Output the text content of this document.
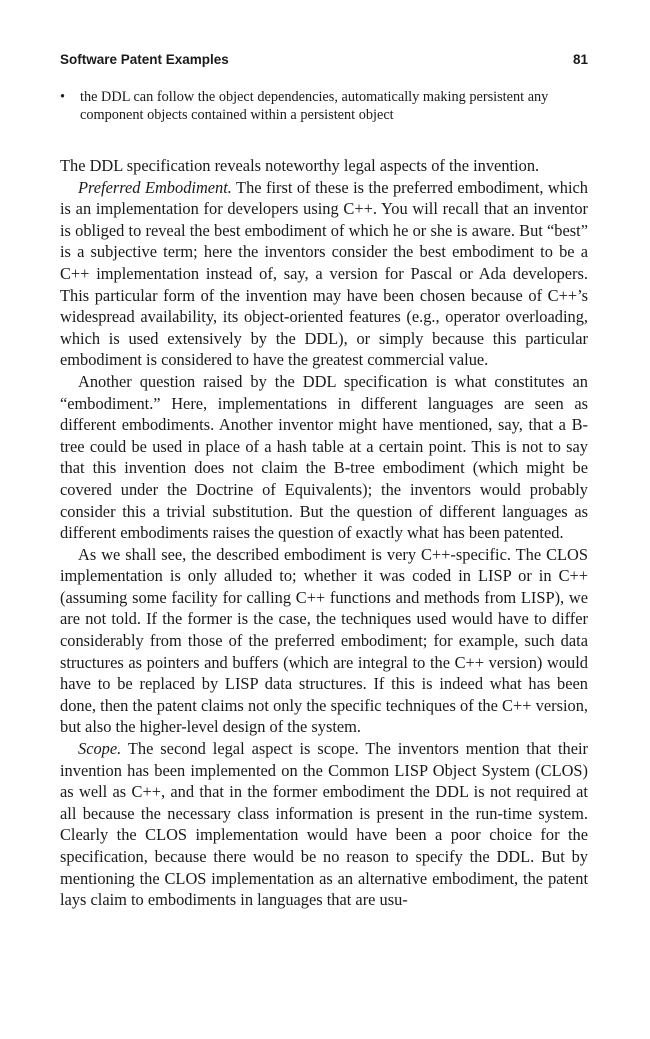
Software Patent Examples	81
• the DDL can follow the object dependencies, automatically making persistent any component objects contained within a persistent object

The DDL specification reveals noteworthy legal aspects of the invention.

Preferred Embodiment. The first of these is the preferred embodiment, which is an implementation for developers using C++. You will recall that an inventor is obliged to reveal the best embodiment of which he or she is aware. But “best” is a subjective term; here the inventors consider the best embodiment to be a C++ implementation instead of, say, a version for Pascal or Ada developers. This particular form of the invention may have been chosen because of C++’s widespread availability, its object-oriented features (e.g., operator overloading, which is used extensively by the DDL), or simply because this particular embodiment is considered to have the greatest commercial value.

Another question raised by the DDL specification is what constitutes an “embodiment.” Here, implementations in different languages are seen as different embodiments. Another inventor might have mentioned, say, that a B-tree could be used in place of a hash table at a certain point. This is not to say that this invention does not claim the B-tree embodiment (which might be covered under the Doctrine of Equivalents); the inventors would probably consider this a trivial substitution. But the question of different languages as different embodiments raises the question of exactly what has been patented.

As we shall see, the described embodiment is very C++-specific. The CLOS implementation is only alluded to; whether it was coded in LISP or in C++ (assuming some facility for calling C++ functions and methods from LISP), we are not told. If the former is the case, the techniques used would have to differ considerably from those of the preferred embodiment; for example, such data structures as pointers and buffers (which are integral to the C++ version) would have to be replaced by LISP data structures. If this is indeed what has been done, then the patent claims not only the specific techniques of the C++ version, but also the higher-level design of the system.

Scope. The second legal aspect is scope. The inventors mention that their invention has been implemented on the Common LISP Object System (CLOS) as well as C++, and that in the former embodiment the DDL is not required at all because the necessary class information is present in the run-time system. Clearly the CLOS implementation would have been a poor choice for the specification, because there would be no reason to specify the DDL. But by mentioning the CLOS implementation as an alternative embodiment, the patent lays claim to embodiments in languages that are usu-
